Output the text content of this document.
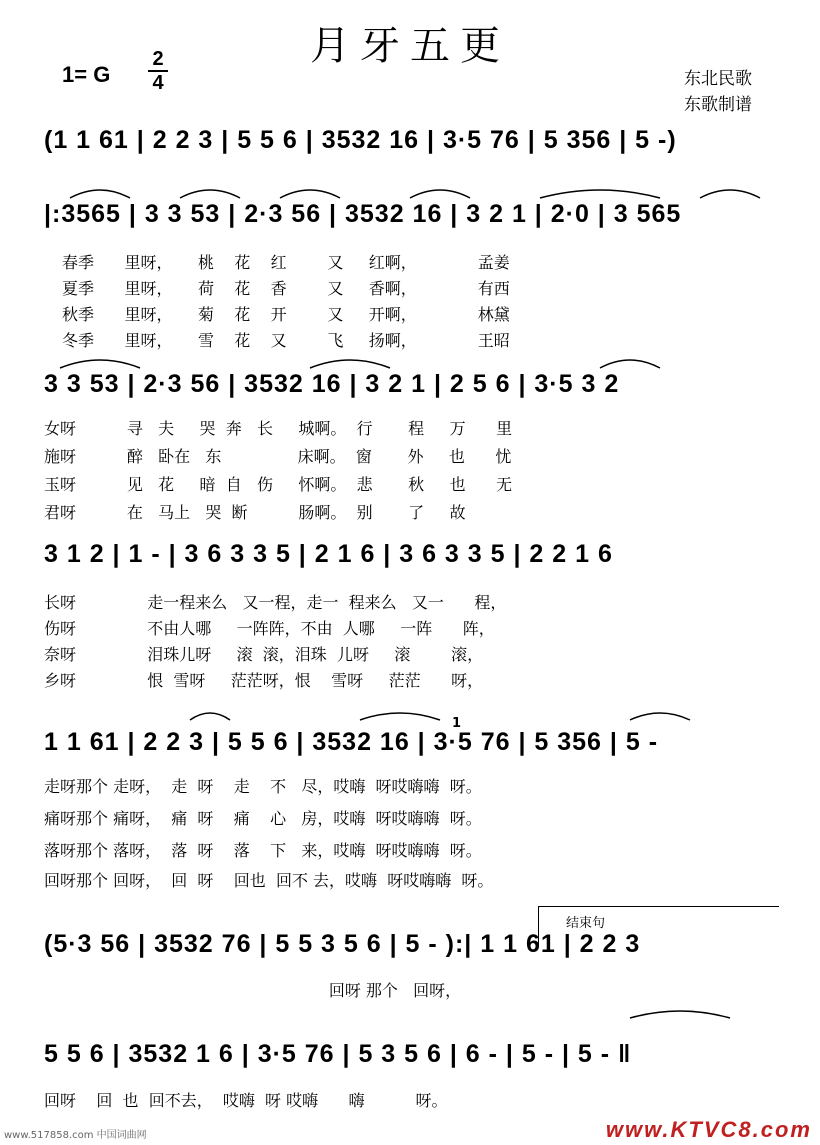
月牙五更
1= G
2
4	东北民歌
东歌制谱
(1 1 61 | 2 2 3 | 5 5 6 | 3532 16 | 3·5 76 | 5 356 | 5 -)
|:3565 | 3 3 53 | 2·3 56 | 3532 16 | 3 2 1 | 2·0 | 3 565
春季      里呀，     桃    花    红        又     红啊，            孟姜
夏季      里呀，     荷    花    香        又     香啊，            有西
秋季      里呀，     菊    花    开        又     开啊，            林黛
冬季      里呀，     雪    花    又        飞     扬啊，            王昭
3 3 53 | 2·3 56 | 3532 16 | 3 2 1 | 2 5 6 | 3·5 3 2
女呀          寻   夫     哭  奔   长     城啊。  行       程     万      里
施呀          醉   卧在   东               床啊。  窗       外     也      忧
玉呀          见   花     暗  自   伤     怀啊。  悲       秋     也      无
君呀          在   马上   哭  断          肠啊。  别       了     故
3 1 2 | 1 - | 3 6 3 3 5 | 2 1 6 | 3 6 3 3 5 | 2 2 1 6
长呀              走一程来么   又一程，走一  程来么   又一      程，
伤呀              不由人哪     一阵阵，不由  人哪     一阵      阵，
奈呀              泪珠儿呀     滚  滚，泪珠  儿呀     滚        滚，
乡呀              恨  雪呀     茫茫呀，恨    雪呀     茫茫      呀，
1 1 61 | 2 2 3 | 5 5 6 | 3532 16 | 3·5 76 | 5 356 | 5 -
1
走呀那个 走呀，  走  呀    走    不   尽，哎嗨  呀哎嗨嗨  呀。
痛呀那个 痛呀，  痛  呀    痛    心   房，哎嗨  呀哎嗨嗨  呀。
落呀那个 落呀，  落  呀    落    下   来，哎嗨  呀哎嗨嗨  呀。
回呀那个 回呀，  回  呀    回也  回不 去，哎嗨  呀哎嗨嗨  呀。
结束句
(5·3 56 | 3532 76 | 5 5 3 5 6 | 5 - ):| 1 1 61 | 2 2 3
回呀 那个   回呀，
5 5 6 | 3532 1 6 | 3·5 76 | 5 3 5 6 | 6 - | 5 - | 5 - ‖
回呀    回  也  回不去，  哎嗨  呀 哎嗨      嗨          呀。
www.517858.com 中国词曲网	www.KTVC8.com
